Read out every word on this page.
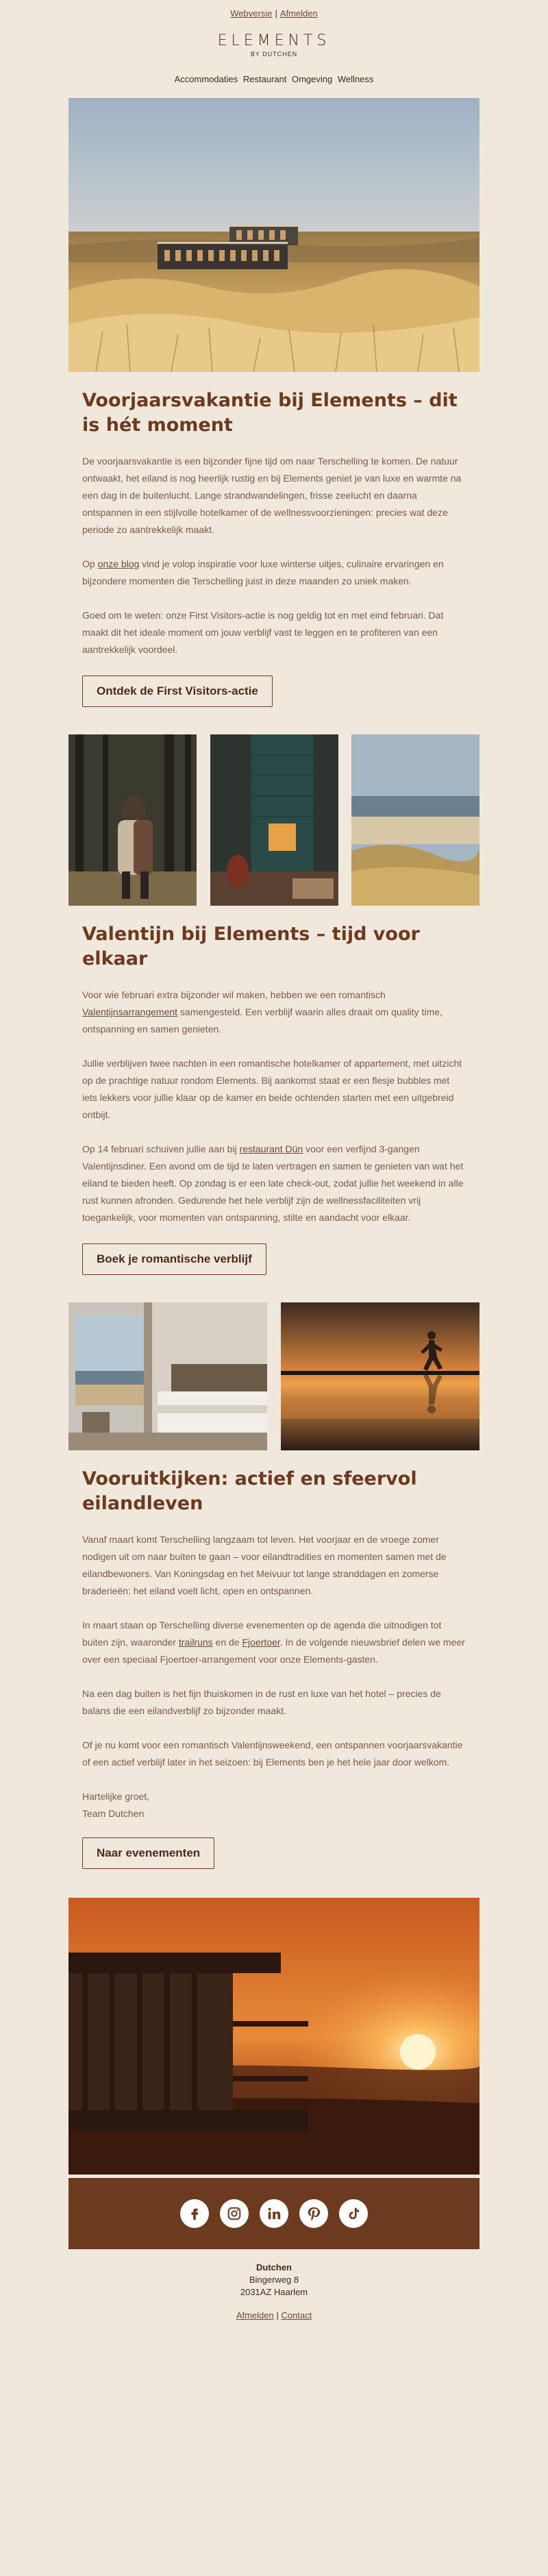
Webversie | Afmelden
ELEMENTS
BY DUTCHEN
Accommodaties Restaurant Omgeving Wellness
Voorjaarsvakantie bij Elements – dit is hét moment

De voorjaarsvakantie is een bijzonder fijne tijd om naar Terschelling te komen. De natuur ontwaakt, het eiland is nog heerlijk rustig en bij Elements geniet je van luxe en warmte na een dag in de buitenlucht. Lange strandwandelingen, frisse zeelucht en daarna ontspannen in een stijlvolle hotelkamer of de wellnessvoorzieningen: precies wat deze periode zo aantrekkelijk maakt.

Op onze blog vind je volop inspiratie voor luxe winterse uitjes, culinaire ervaringen en bijzondere momenten die Terschelling juist in deze maanden zo uniek maken.

Goed om te weten: onze First Visitors-actie is nog geldig tot en met eind februari. Dat maakt dit het ideale moment om jouw verblijf vast te leggen en te profiteren van een aantrekkelijk voordeel.

Ontdek de First Visitors-actie
Valentijn bij Elements – tijd voor elkaar

Voor wie februari extra bijzonder wil maken, hebben we een romantisch Valentijnsarrangement samengesteld. Een verblijf waarin alles draait om quality time, ontspanning en samen genieten.

Jullie verblijven twee nachten in een romantische hotelkamer of appartement, met uitzicht op de prachtige natuur rondom Elements. Bij aankomst staat er een flesje bubbles met iets lekkers voor jullie klaar op de kamer en beide ochtenden starten met een uitgebreid ontbijt.

Op 14 februari schuiven jullie aan bij restaurant Dün voor een verfijnd 3-gangen Valentijnsdiner. Een avond om de tijd te laten vertragen en samen te genieten van wat het eiland te bieden heeft. Op zondag is er een late check-out, zodat jullie het weekend in alle rust kunnen afronden. Gedurende het hele verblijf zijn de wellnessfaciliteiten vrij toegankelijk, voor momenten van ontspanning, stilte en aandacht voor elkaar.

Boek je romantische verblijf
Vooruitkijken: actief en sfeervol eilandleven

Vanaf maart komt Terschelling langzaam tot leven. Het voorjaar en de vroege zomer nodigen uit om naar buiten te gaan – voor eilandtradities en momenten samen met de eilandbewoners. Van Koningsdag en het Meivuur tot lange stranddagen en zomerse braderieën: het eiland voelt licht, open en ontspannen.

In maart staan op Terschelling diverse evenementen op de agenda die uitnodigen tot buiten zijn, waaronder trailruns en de Fjoertoer. In de volgende nieuwsbrief delen we meer over een speciaal Fjoertoer-arrangement voor onze Elements-gasten.

Na een dag buiten is het fijn thuiskomen in de rust en luxe van het hotel – precies de balans die een eilandverblijf zo bijzonder maakt.

Of je nu komt voor een romantisch Valentijnsweekend, een ontspannen voorjaarsvakantie of een actief verblijf later in het seizoen: bij Elements ben je het hele jaar door welkom.

Hartelijke groet,

Team Dutchen

Naar evenementen
Dutchen
Bingerweg 8
2031AZ Haarlem
Afmelden | Contact
